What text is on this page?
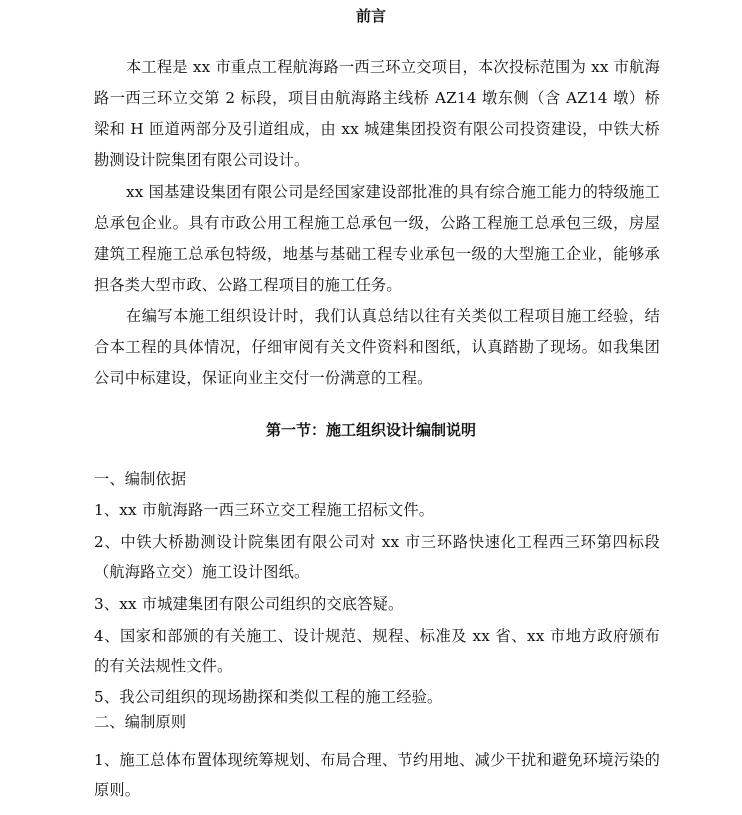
前言

本工程是 xx 市重点工程航海路一西三环立交项目，本次投标范围为 xx 市航海路一西三环立交第 2 标段，项目由航海路主线桥 AZ14 墩东侧（含 AZ14 墩）桥梁和 H 匝道两部分及引道组成，由 xx 城建集团投资有限公司投资建设，中铁大桥勘测设计院集团有限公司设计。

xx 国基建设集团有限公司是经国家建设部批准的具有综合施工能力的特级施工总承包企业。具有市政公用工程施工总承包一级，公路工程施工总承包三级，房屋建筑工程施工总承包特级，地基与基础工程专业承包一级的大型施工企业，能够承担各类大型市政、公路工程项目的施工任务。

在编写本施工组织设计时，我们认真总结以往有关类似工程项目施工经验，结合本工程的具体情况，仔细审阅有关文件资料和图纸，认真踏勘了现场。如我集团公司中标建设，保证向业主交付一份满意的工程。

第一节：施工组织设计编制说明

一、编制依据

1、xx 市航海路一西三环立交工程施工招标文件。

2、中铁大桥勘测设计院集团有限公司对 xx 市三环路快速化工程西三环第四标段（航海路立交）施工设计图纸。

3、xx 市城建集团有限公司组织的交底答疑。

4、国家和部颁的有关施工、设计规范、规程、标准及 xx 省、xx 市地方政府颁布的有关法规性文件。

5、我公司组织的现场勘探和类似工程的施工经验。

二、编制原则

1、施工总体布置体现统筹规划、布局合理、节约用地、减少干扰和避免环境污染的原则。
